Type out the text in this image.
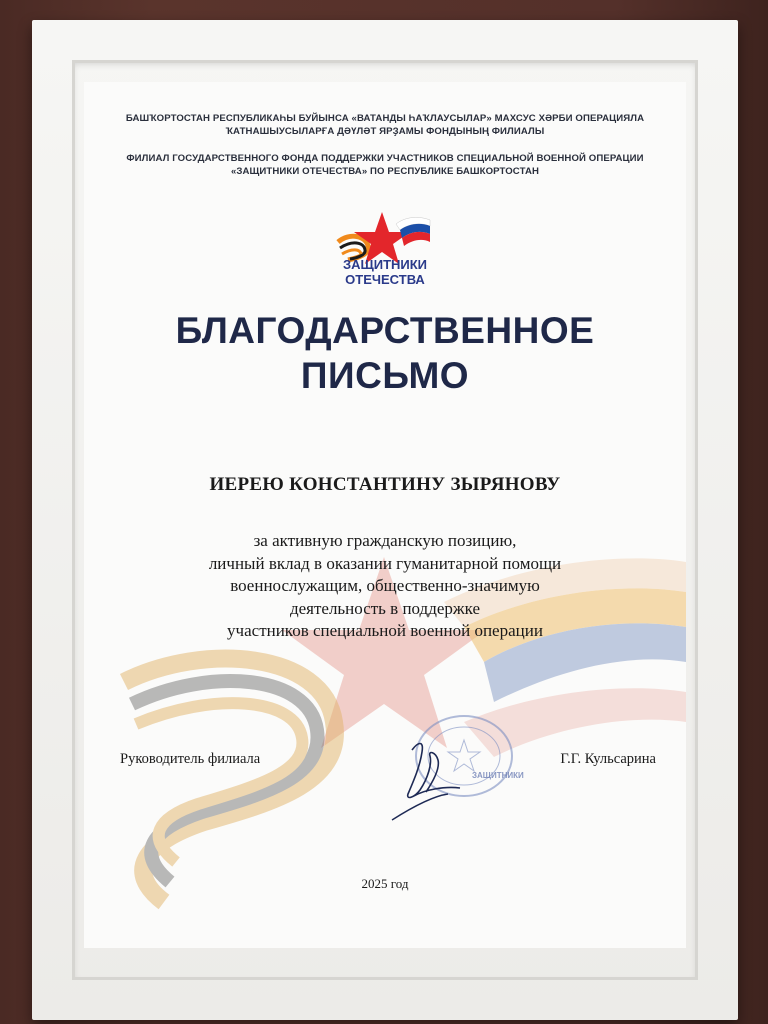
БАШҠОРТОСТАН РЕСПУБЛИКАҺЫ БУЙЫНСА «ВАТАНДЫ ҺАҠЛАУСЫЛАР» МАХСУС ХӘРБИ ОПЕРАЦИЯЛА

ҠАТНАШЫУСЫЛАРҒА ДӘҮЛӘТ ЯРҘАМЫ ФОНДЫНЫҢ ФИЛИАЛЫ

ФИЛИАЛ ГОСУДАРСТВЕННОГО ФОНДА ПОДДЕРЖКИ УЧАСТНИКОВ СПЕЦИАЛЬНОЙ ВОЕННОЙ ОПЕРАЦИИ

«ЗАЩИТНИКИ ОТЕЧЕСТВА» ПО РЕСПУБЛИКЕ БАШКОРТОСТАН

ЗАЩИТНИКИ

ОТЕЧЕСТВА

БЛАГОДАРСТВЕННОЕ

ПИСЬМО

ИЕРЕЮ КОНСТАНТИНУ ЗЫРЯНОВУ

за активную гражданскую позицию,

личный вклад в оказании гуманитарной помощи

военнослужащим, общественно-значимую

деятельность в поддержке

участников специальной военной операции

Руководитель филиала
ЗАЩИТНИКИ
Г.Г. Кульсарина
2025 год
